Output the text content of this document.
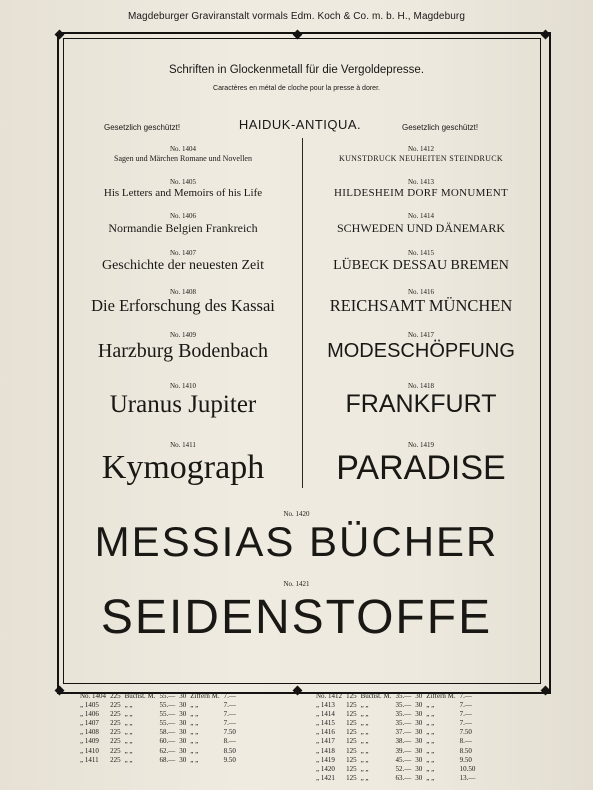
Magdeburger Graviranstalt vormals Edm. Koch & Co. m. b. H., Magdeburg
Schriften in Glockenmetall für die Vergoldepresse.
Caractères en métal de cloche pour la presse à dorer.
Gesetzlich geschützt!	HAIDUK-ANTIQUA.	Gesetzlich geschützt!
No. 1404
Sagen und Märchen Romane und Novellen
No. 1405
His Letters and Memoirs of his Life
No. 1406
Normandie Belgien Frankreich
No. 1407
Geschichte der neuesten Zeit
No. 1408
Die Erforschung des Kassai
No. 1409
Harzburg Bodenbach
No. 1410
Uranus Jupiter
No. 1411
Kymograph
No. 1412
KUNSTDRUCK NEUHEITEN STEINDRUCK
No. 1413
HILDESHEIM DORF MONUMENT
No. 1414
SCHWEDEN UND DÄNEMARK
No. 1415
LÜBECK DESSAU BREMEN
No. 1416
REICHSAMT MÜNCHEN
No. 1417
MODESCHÖPFUNG
No. 1418
FRANKFURT
No. 1419
PARADISE
No. 1420
MESSIAS BÜCHER
No. 1421
SEIDENSTOFFE
No. 1404	225	Buchst. M.	55.—	30	Ziffern M.	7.—
„ 1405	225	„ „	55.—	30	„ „	7.—
„ 1406	225	„ „	55.—	30	„ „	7.—
„ 1407	225	„ „	55.—	30	„ „	7.—
„ 1408	225	„ „	58.—	30	„ „	7.50
„ 1409	225	„ „	60.—	30	„ „	8.—
„ 1410	225	„ „	62.—	30	„ „	8.50
„ 1411	225	„ „	68.—	30	„ „	9.50
No. 1412	125	Buchst. M.	35.—	30	Ziffern M.	7.—
„ 1413	125	„ „	35.—	30	„ „	7.—
„ 1414	125	„ „	35.—	30	„ „	7.—
„ 1415	125	„ „	35.—	30	„ „	7.—
„ 1416	125	„ „	37.—	30	„ „	7.50
„ 1417	125	„ „	38.—	30	„ „	8.—
„ 1418	125	„ „	39.—	30	„ „	8.50
„ 1419	125	„ „	45.—	30	„ „	9.50
„ 1420	125	„ „	52.—	30	„ „	10.50
„ 1421	125	„ „	63.—	30	„ „	13.—
